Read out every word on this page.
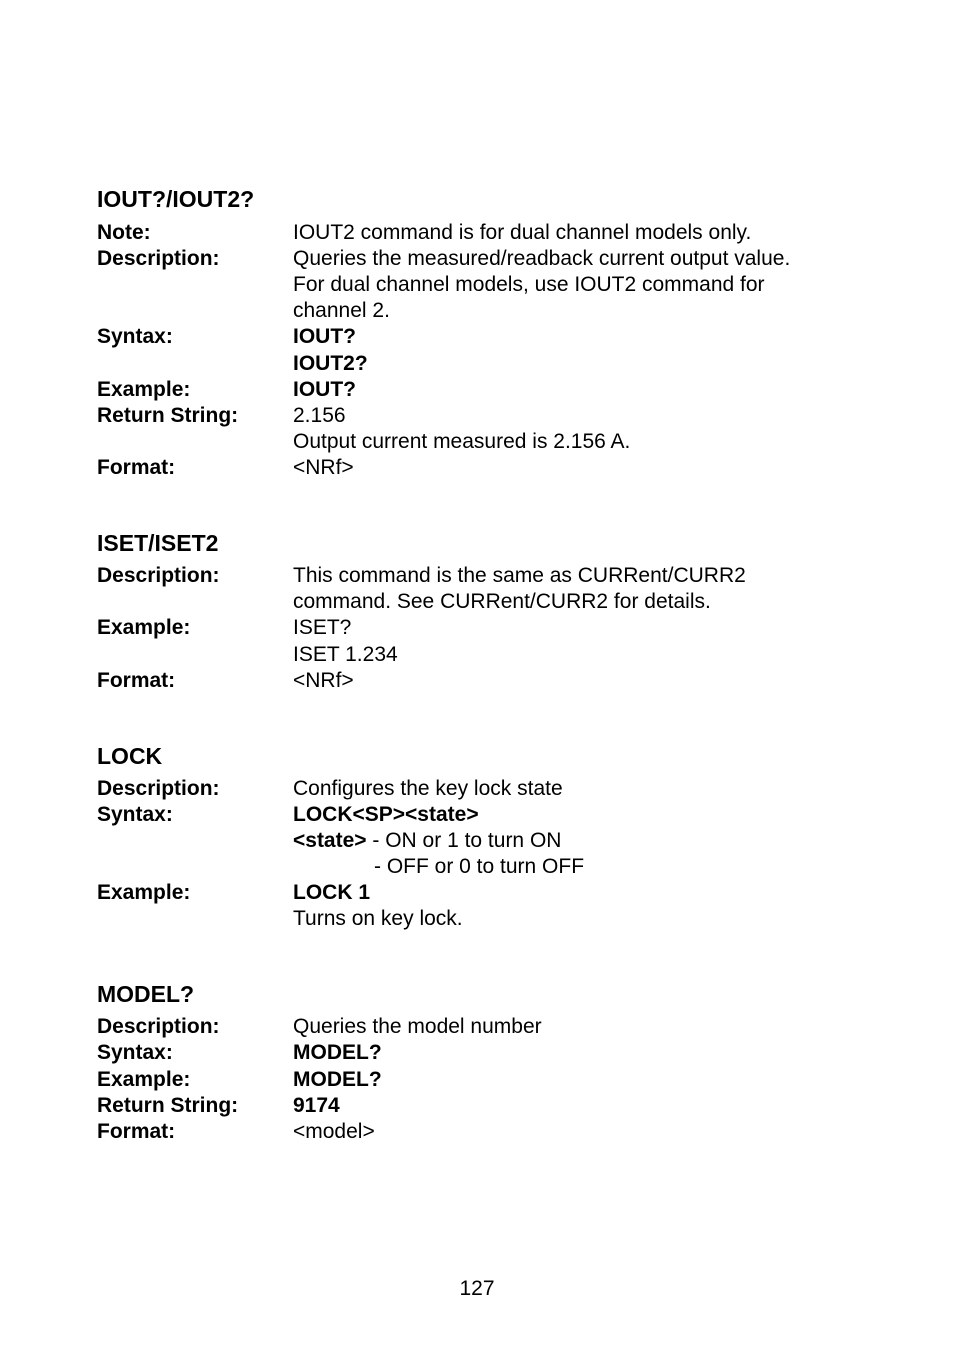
IOUT?/IOUT2?
Note:	IOUT2 command is for dual channel models only.
Description:	Queries the measured/readback current output value.
For dual channel models, use IOUT2 command for
channel 2.
Syntax:	IOUT?
IOUT2?
Example:	IOUT?
Return String:	2.156
Output current measured is 2.156 A.
Format:	<NRf>
ISET/ISET2
Description:	This command is the same as CURRent/CURR2
command. See CURRent/CURR2 for details.
Example:	ISET?
ISET 1.234
Format:	<NRf>
LOCK
Description:	Configures the key lock state
Syntax:	LOCK<SP><state>
<state> - ON or 1 to turn ON
- OFF or 0 to turn OFF
Example:	LOCK 1
Turns on key lock.
MODEL?
Description:	Queries the model number
Syntax:	MODEL?
Example:	MODEL?
Return String:	9174
Format:	<model>
127
